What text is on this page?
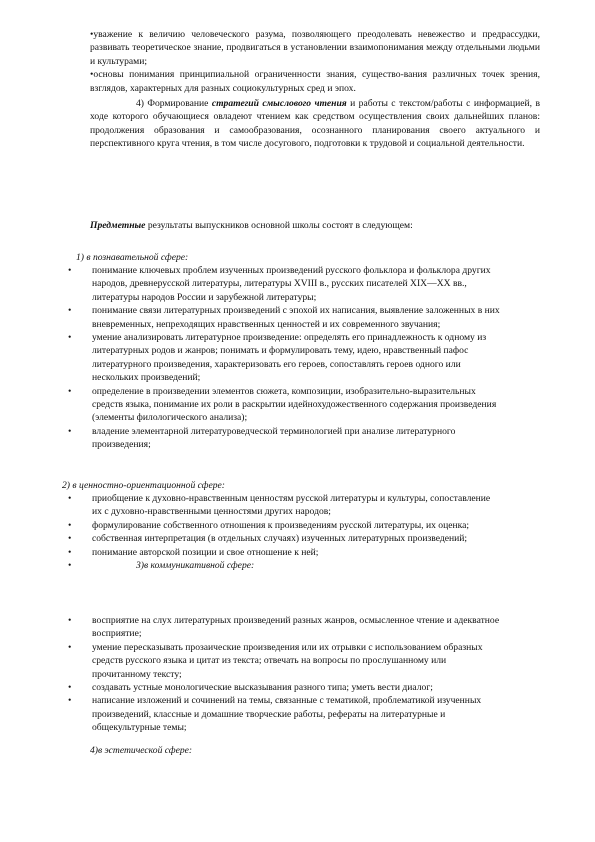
•уважение к величию человеческого разума, позволяющего преодолевать невежество и предрассудки, развивать теоретическое знание, продвигаться в установлении взаимопонимания между отдельными людьми и культурами;

•основы понимания принципиальной ограниченности знания, существо-вания различных точек зрения, взглядов, характерных для разных социокультурных сред и эпох.

4) Формирование стратегий смыслового чтения и работы с текстом/работы с информацией, в ходе которого обучающиеся овладеют чтением как средством осуществления своих дальнейших планов: продолжения образования и самообразования, осознанного планирования своего актуального и перспективного круга чтения, в том числе досугового, подготовки к трудовой и социальной деятельности.

Предметные результаты выпускников основной школы состоят в следующем:
1) в познавательной сфере:
• понимание ключевых проблем изученных произведений русского фольклора и фольклора других народов, древнерусской литературы, литературы XVIII в., русских писателей XIX—XX вв., литературы народов России и зарубежной литературы;
• понимание связи литературных произведений с эпохой их написания, выявление заложенных в них вневременных, непреходящих нравственных ценностей и их современного звучания;
• умение анализировать литературное произведение: определять его принадлежность к одному из литературных родов и жанров; понимать и формулировать тему, идею, нравственный пафос литературного произведения, характеризовать его героев, сопоставлять героев одного или нескольких произведений;
• определение в произведении элементов сюжета, композиции, изобразительно-выразительных средств языка, понимание их роли в раскрытии идейнохудожественного содержания произведения (элементы филологического анализа);
• владение элементарной литературоведческой терминологией при анализе литературного произведения;
2) в ценностно-ориентационной сфере:
• приобщение к духовно-нравственным ценностям русской литературы и культуры, сопоставление их с духовно-нравственными ценностями других народов;
• формулирование собственного отношения к произведениям русской литературы, их оценка;
• собственная интерпретация (в отдельных случаях) изученных литературных произведений;
• понимание авторской позиции и свое отношение к ней;
•	3)в коммуникативной сфере:
• восприятие на слух литературных произведений разных жанров, осмысленное чтение и адекватное восприятие;
• умение пересказывать прозаические произведения или их отрывки с использованием образных средств русского языка и цитат из текста; отвечать на вопросы по прослушанному или прочитанному тексту;
• создавать устные монологические высказывания разного типа; уметь вести диалог;
• написание изложений и сочинений на темы, связанные с тематикой, проблематикой изученных произведений, классные и домашние творческие работы, рефераты на литературные и общекультурные темы;
4)в эстетической сфере:
